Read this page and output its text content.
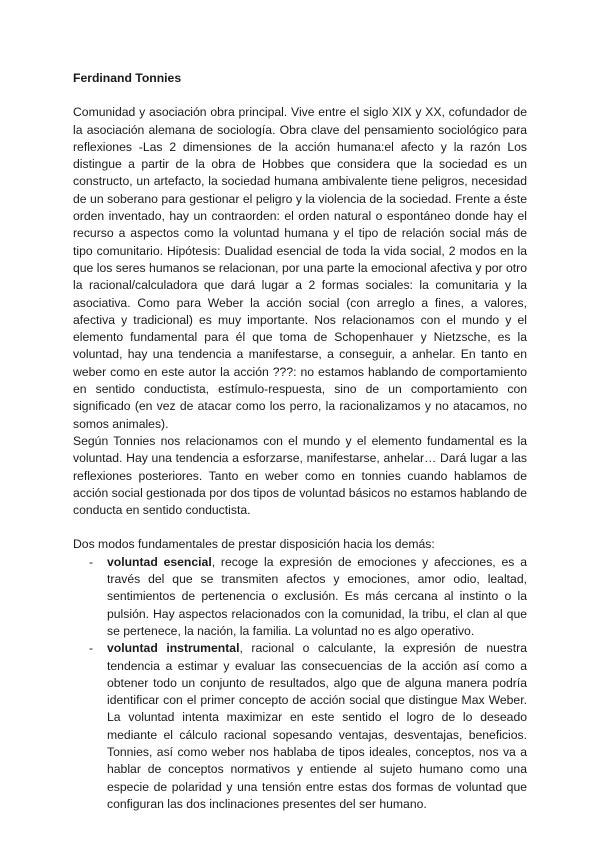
Ferdinand Tonnies

Comunidad y asociación obra principal. Vive entre el siglo XIX y XX, cofundador de la asociación alemana de sociología. Obra clave del pensamiento sociológico para reflexiones -Las 2 dimensiones de la acción humana:el afecto y la razón Los distingue a partir de la obra de Hobbes que considera que la sociedad es un constructo, un artefacto, la sociedad humana ambivalente tiene peligros, necesidad de un soberano para gestionar el peligro y la violencia de la sociedad. Frente a éste orden inventado, hay un contraorden: el orden natural o espontáneo donde hay el recurso a aspectos como la voluntad humana y el tipo de relación social más de tipo comunitario. Hipótesis: Dualidad esencial de toda la vida social, 2 modos en la que los seres humanos se relacionan, por una parte la emocional afectiva y por otro la racional/calculadora que dará lugar a 2 formas sociales: la comunitaria y la asociativa. Como para Weber la acción social (con arreglo a fines, a valores, afectiva y tradicional) es muy importante. Nos relacionamos con el mundo y el elemento fundamental para él que toma de Schopenhauer y Nietzsche, es la voluntad, hay una tendencia a manifestarse, a conseguir, a anhelar. En tanto en weber como en este autor la acción ???: no estamos hablando de comportamiento en sentido conductista, estímulo-respuesta, sino de un comportamiento con significado (en vez de atacar como los perro, la racionalizamos y no atacamos, no somos animales).

Según Tonnies nos relacionamos con el mundo y el elemento fundamental es la voluntad. Hay una tendencia a esforzarse, manifestarse, anhelar… Dará lugar a las reflexiones posteriores. Tanto en weber como en tonnies cuando hablamos de acción social gestionada por dos tipos de voluntad básicos no estamos hablando de conducta en sentido conductista.

Dos modos fundamentales de prestar disposición hacia los demás:

- voluntad esencial, recoge la expresión de emociones y afecciones, es a través del que se transmiten afectos y emociones, amor odio, lealtad, sentimientos de pertenencia o exclusión. Es más cercana al instinto o la pulsión. Hay aspectos relacionados con la comunidad, la tribu, el clan al que se pertenece, la nación, la familia. La voluntad no es algo operativo.
- voluntad instrumental, racional o calculante, la expresión de nuestra tendencia a estimar y evaluar las consecuencias de la acción así como a obtener todo un conjunto de resultados, algo que de alguna manera podría identificar con el primer concepto de acción social que distingue Max Weber. La voluntad intenta maximizar en este sentido el logro de lo deseado mediante el cálculo racional sopesando ventajas, desventajas, beneficios. Tonnies, así como weber nos hablaba de tipos ideales, conceptos, nos va a hablar de conceptos normativos y entiende al sujeto humano como una especie de polaridad y una tensión entre estas dos formas de voluntad que configuran las dos inclinaciones presentes del ser humano.
